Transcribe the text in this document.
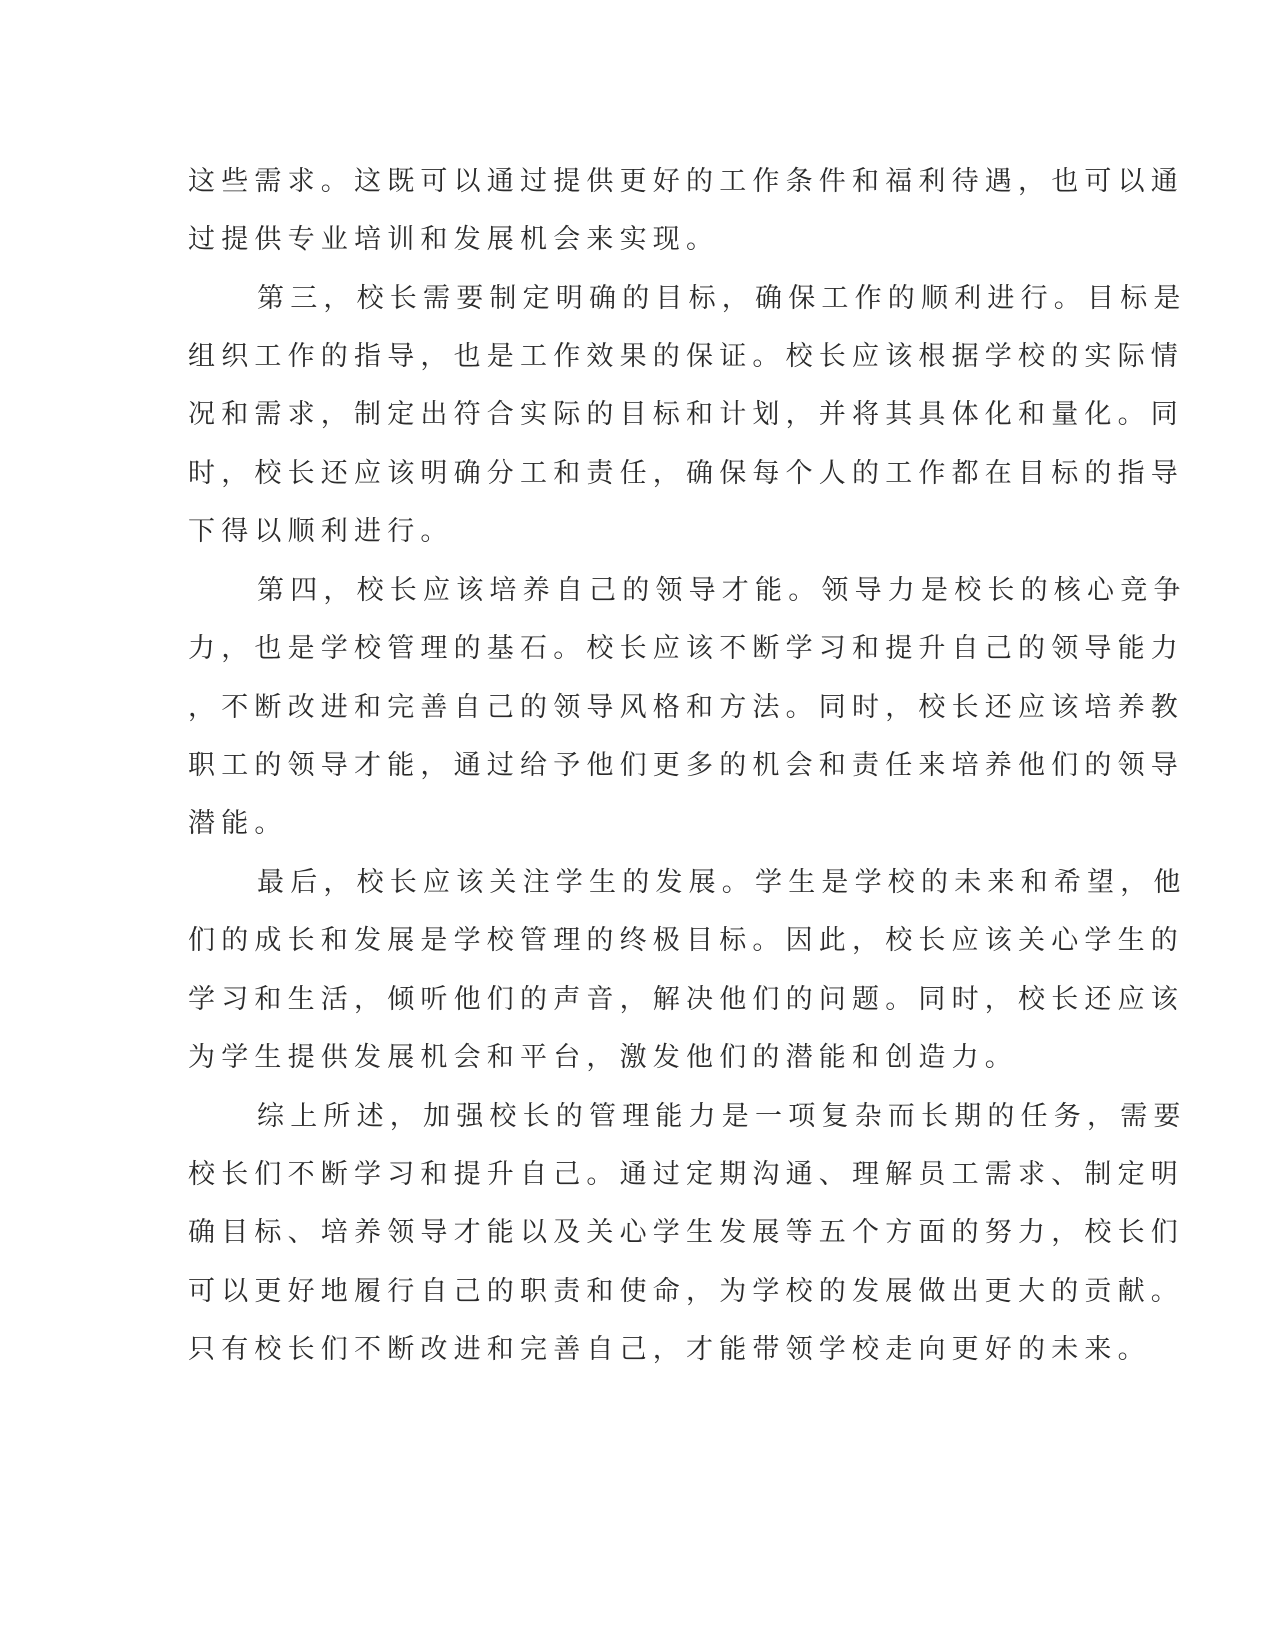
这些需求。这既可以通过提供更好的工作条件和福利待遇，也可以通

过提供专业培训和发展机会来实现。

第三，校长需要制定明确的目标，确保工作的顺利进行。目标是

组织工作的指导，也是工作效果的保证。校长应该根据学校的实际情

况和需求，制定出符合实际的目标和计划，并将其具体化和量化。同

时，校长还应该明确分工和责任，确保每个人的工作都在目标的指导

下得以顺利进行。

第四，校长应该培养自己的领导才能。领导力是校长的核心竞争

力，也是学校管理的基石。校长应该不断学习和提升自己的领导能力

，不断改进和完善自己的领导风格和方法。同时，校长还应该培养教

职工的领导才能，通过给予他们更多的机会和责任来培养他们的领导

潜能。

最后，校长应该关注学生的发展。学生是学校的未来和希望，他

们的成长和发展是学校管理的终极目标。因此，校长应该关心学生的

学习和生活，倾听他们的声音，解决他们的问题。同时，校长还应该

为学生提供发展机会和平台，激发他们的潜能和创造力。

综上所述，加强校长的管理能力是一项复杂而长期的任务，需要

校长们不断学习和提升自己。通过定期沟通、理解员工需求、制定明

确目标、培养领导才能以及关心学生发展等五个方面的努力，校长们

可以更好地履行自己的职责和使命，为学校的发展做出更大的贡献。

只有校长们不断改进和完善自己，才能带领学校走向更好的未来。
